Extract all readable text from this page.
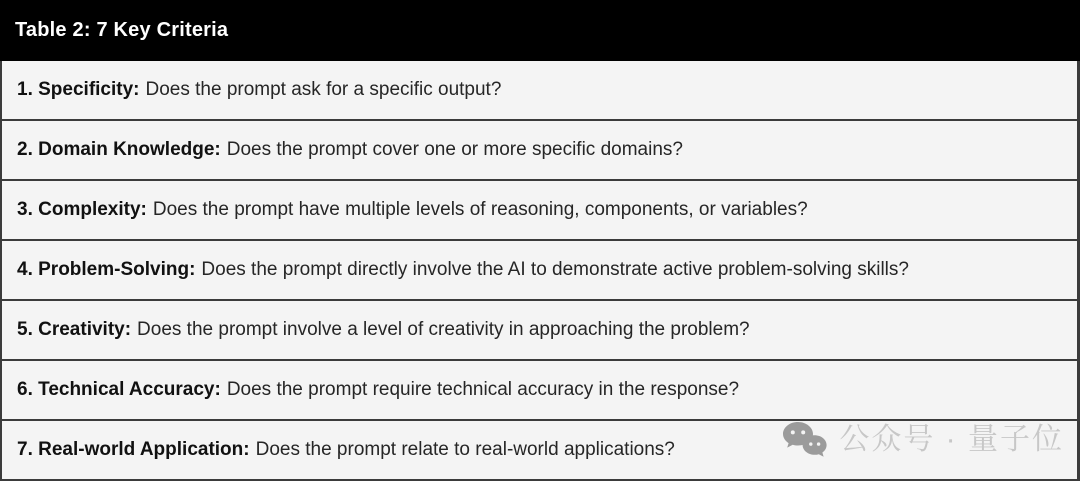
Table 2: 7 Key Criteria
1. Specificity: Does the prompt ask for a specific output?
2. Domain Knowledge: Does the prompt cover one or more specific domains?
3. Complexity: Does the prompt have multiple levels of reasoning, components, or variables?
4. Problem-Solving: Does the prompt directly involve the AI to demonstrate active problem-solving skills?
5. Creativity: Does the prompt involve a level of creativity in approaching the problem?
6. Technical Accuracy: Does the prompt require technical accuracy in the response?
7. Real-world Application: Does the prompt relate to real-world applications?	公众号 · 量子位
